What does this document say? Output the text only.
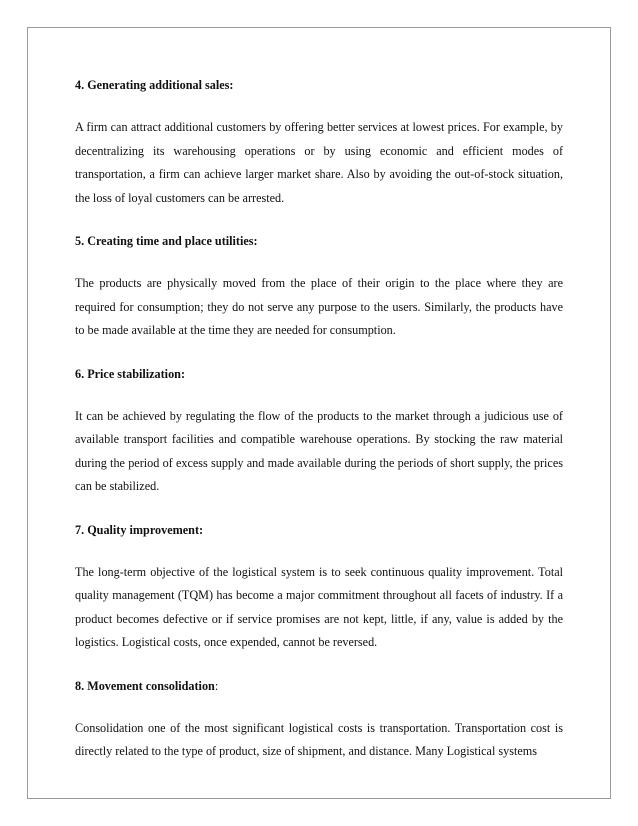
4. Generating additional sales:
A firm can attract additional customers by offering better services at lowest prices. For example, by decentralizing its warehousing operations or by using economic and efficient modes of transportation, a firm can achieve larger market share. Also by avoiding the out-of-stock situation, the loss of loyal customers can be arrested.
5. Creating time and place utilities:
The products are physically moved from the place of their origin to the place where they are required for consumption; they do not serve any purpose to the users. Similarly, the products have to be made available at the time they are needed for consumption.
6. Price stabilization:
It can be achieved by regulating the flow of the products to the market through a judicious use of available transport facilities and compatible warehouse operations. By stocking the raw material during the period of excess supply and made available during the periods of short supply, the prices can be stabilized.
7. Quality improvement:
The long-term objective of the logistical system is to seek continuous quality improvement. Total quality management (TQM) has become a major commitment throughout all facets of industry. If a product becomes defective or if service promises are not kept, little, if any, value is added by the logistics. Logistical costs, once expended, cannot be reversed.
8. Movement consolidation:
Consolidation one of the most significant logistical costs is transportation. Transportation cost is directly related to the type of product, size of shipment, and distance. Many Logistical systems
